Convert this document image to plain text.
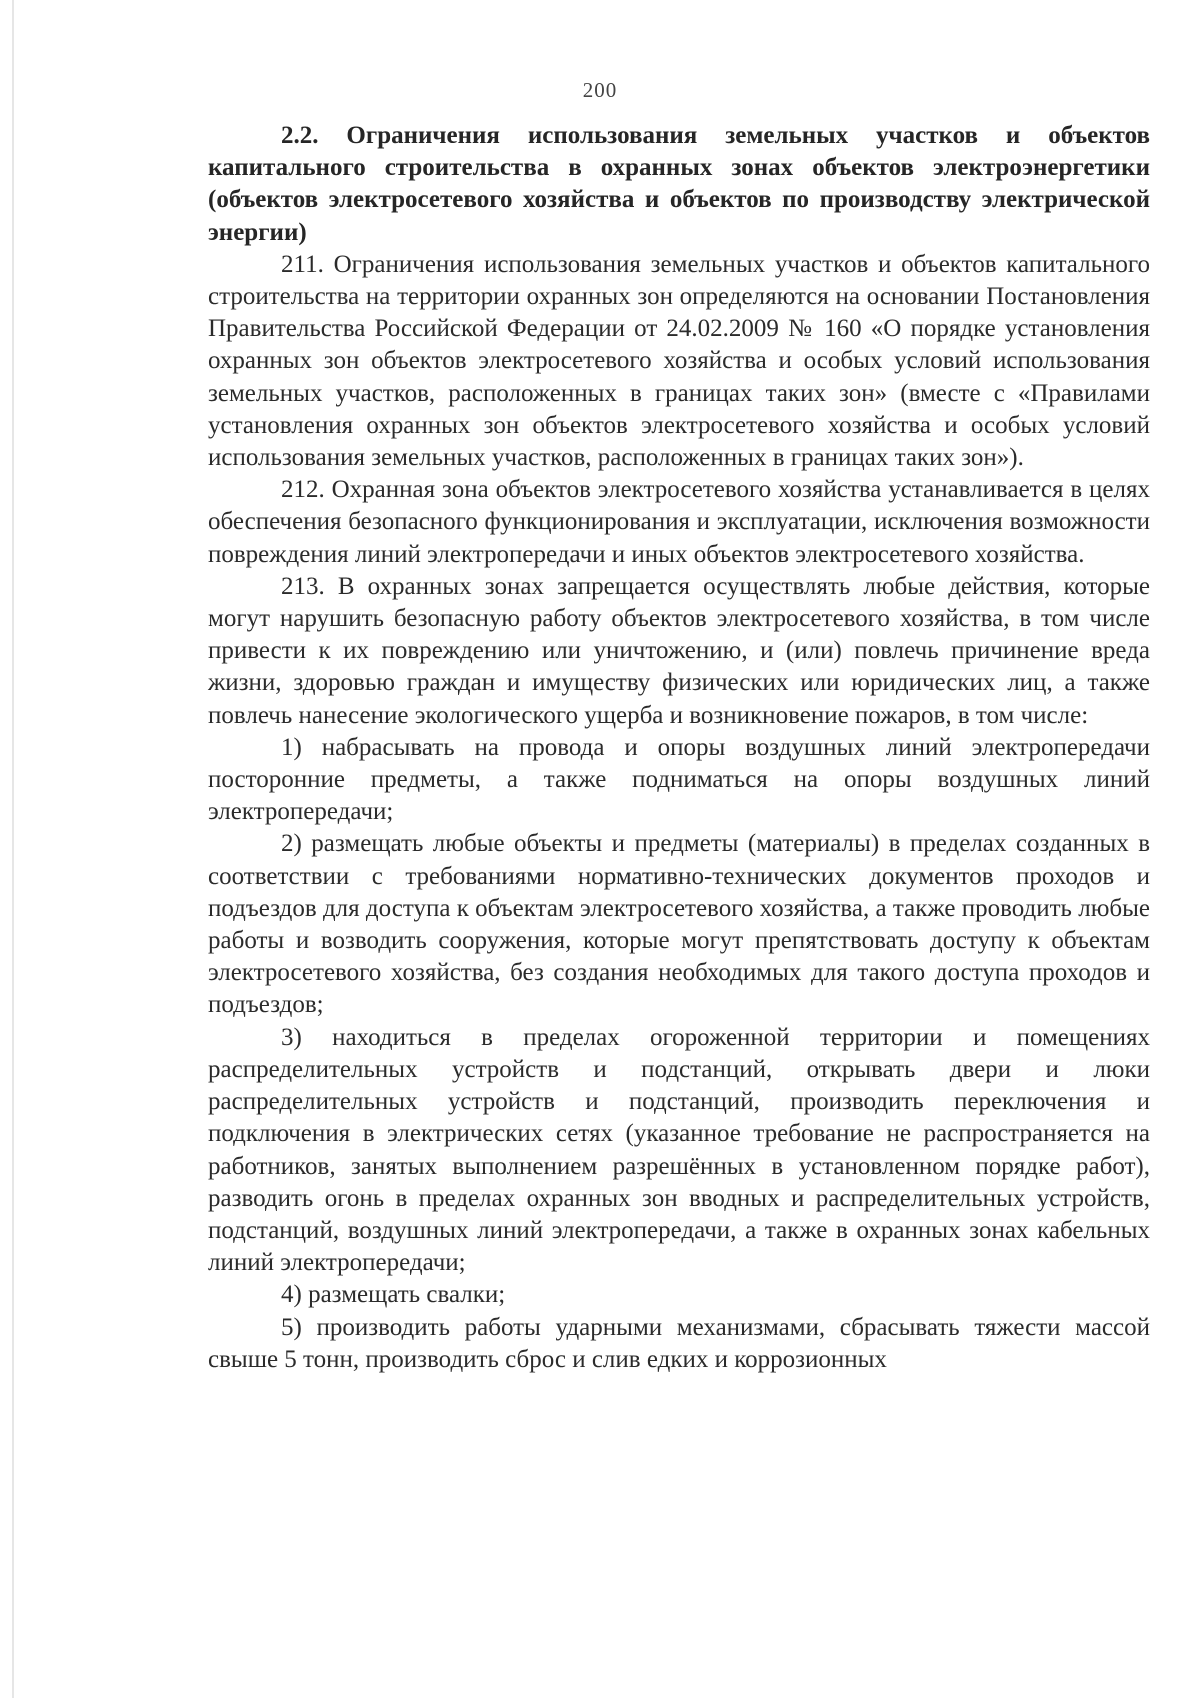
200

2.2. Ограничения использования земельных участков и объектов капитального строительства в охранных зонах объектов электроэнергетики (объектов электросетевого хозяйства и объектов по производству электрической энергии)

211. Ограничения использования земельных участков и объектов капитального строительства на территории охранных зон определяются на основании Постановления Правительства Российской Федерации от 24.02.2009 № 160 «О порядке установления охранных зон объектов электросетевого хозяйства и особых условий использования земельных участков, расположенных в границах таких зон» (вместе с «Правилами установления охранных зон объектов электросетевого хозяйства и особых условий использования земельных участков, расположенных в границах таких зон»).

212. Охранная зона объектов электросетевого хозяйства устанавливается в целях обеспечения безопасного функционирования и эксплуатации, исключения возможности повреждения линий электропередачи и иных объектов электросетевого хозяйства.

213. В охранных зонах запрещается осуществлять любые действия, которые могут нарушить безопасную работу объектов электросетевого хозяйства, в том числе привести к их повреждению или уничтожению, и (или) повлечь причинение вреда жизни, здоровью граждан и имуществу физических или юридических лиц, а также повлечь нанесение экологического ущерба и возникновение пожаров, в том числе:

1) набрасывать на провода и опоры воздушных линий электропередачи посторонние предметы, а также подниматься на опоры воздушных линий электропередачи;

2) размещать любые объекты и предметы (материалы) в пределах созданных в соответствии с требованиями нормативно-технических документов проходов и подъездов для доступа к объектам электросетевого хозяйства, а также проводить любые работы и возводить сооружения, которые могут препятствовать доступу к объектам электросетевого хозяйства, без создания необходимых для такого доступа проходов и подъездов;

3) находиться в пределах огороженной территории и помещениях распределительных устройств и подстанций, открывать двери и люки распределительных устройств и подстанций, производить переключения и подключения в электрических сетях (указанное требование не распространяется на работников, занятых выполнением разрешённых в установленном порядке работ), разводить огонь в пределах охранных зон вводных и распределительных устройств, подстанций, воздушных линий электропередачи, а также в охранных зонах кабельных линий электропередачи;

4) размещать свалки;

5) производить работы ударными механизмами, сбрасывать тяжести массой свыше 5 тонн, производить сброс и слив едких и коррозионных
